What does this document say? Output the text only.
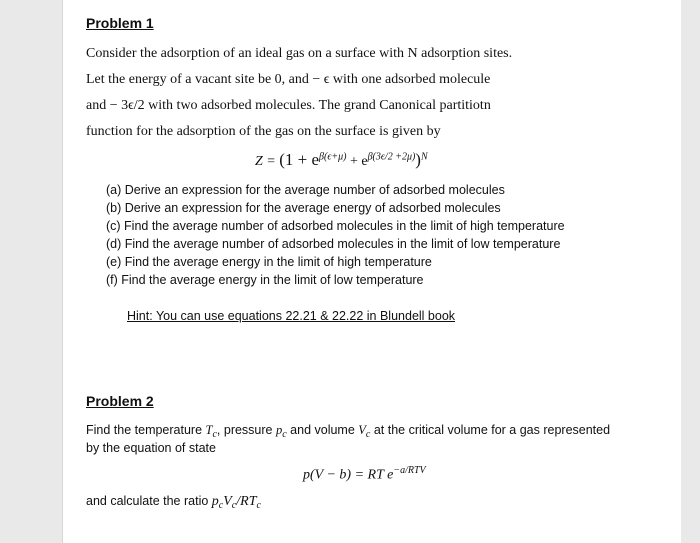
Problem 1
Consider the adsorption of an ideal gas on a surface with N adsorption sites.
Let the energy of a vacant site be 0, and − ϵ with one adsorbed molecule
and − 3ϵ/2 with two adsorbed molecules. The grand Canonical partitiotn
function for the adsorption of the gas on the surface is given by
$Z = (1 + e^{\beta(\epsilon+\mu)} + e^{\beta(3\epsilon/2 +2\mu)})^N$
(a) Derive an expression for the average number of adsorbed molecules
(b) Derive an expression for the average energy of adsorbed molecules
(c) Find the average number of adsorbed molecules in the limit of high temperature
(d) Find the average number of adsorbed molecules in the limit of low temperature
(e) Find the average energy in the limit of high temperature
(f) Find the average energy in the limit of low temperature
Hint: You can use equations 22.21 & 22.22 in Blundell book
Problem 2
Find the temperature $T_c$, pressure $p_c$ and volume $V_c$ at the critical volume for a gas represented
by the equation of state
p(V − b) = RT $e^{-a/RTV}$
and calculate the ratio $p_cV_c/RT_c$
